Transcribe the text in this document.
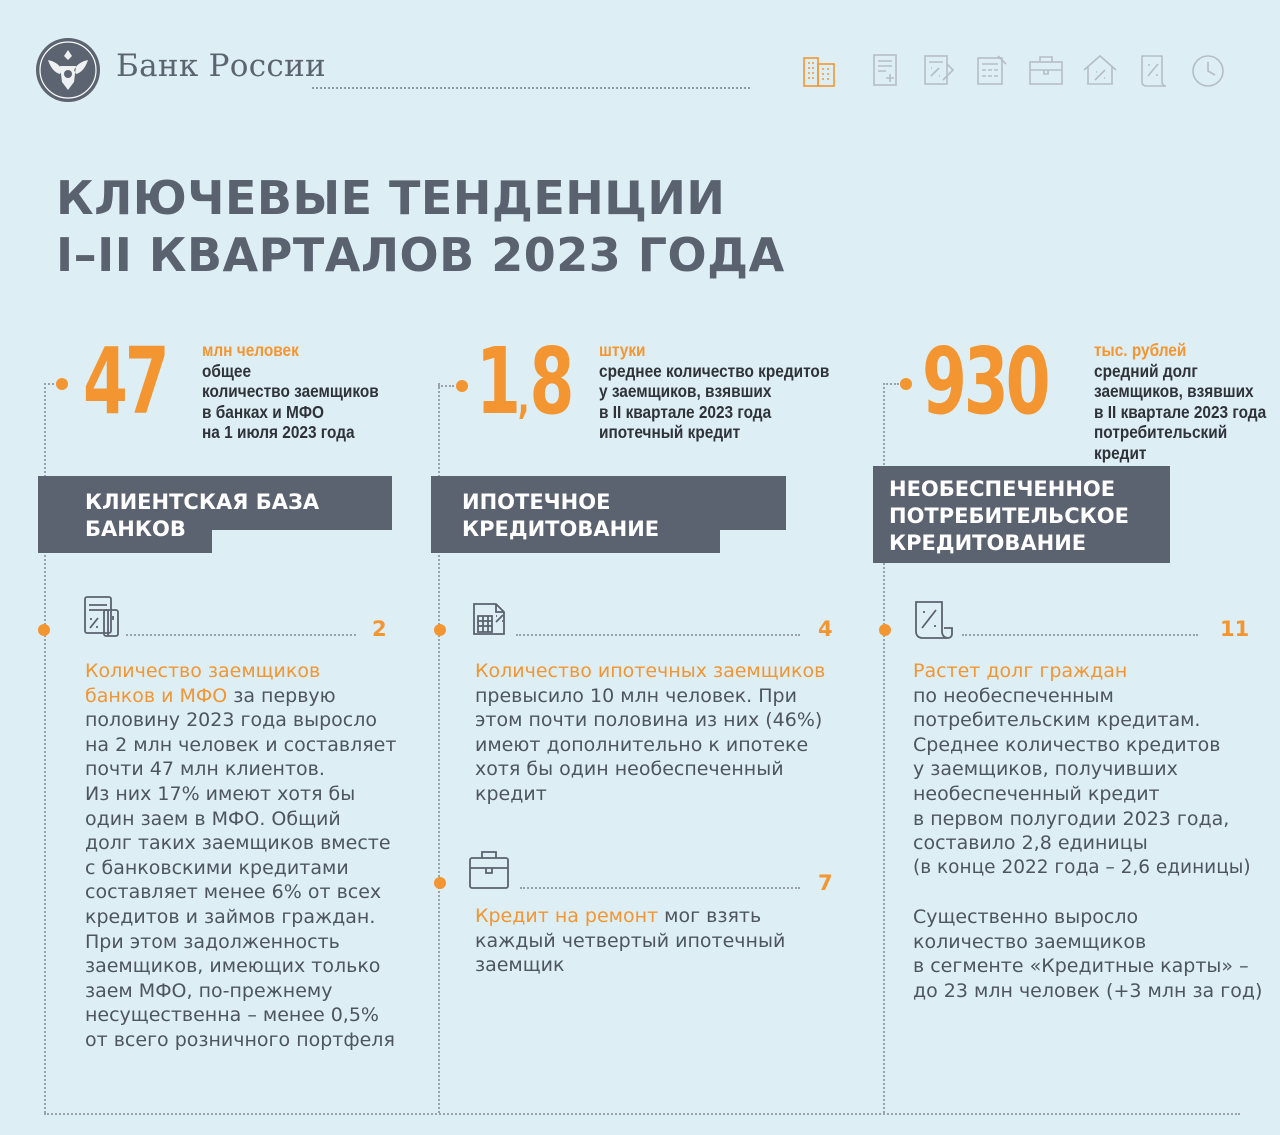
Банк России
КЛЮЧЕВЫЕ ТЕНДЕНЦИИ
I–II КВАРТАЛОВ 2023 ГОДА
47 млн человек
общее
количество заемщиков
в банках и МФО
на 1 июля 2023 года
КЛИЕНТСКАЯ БАЗА
БАНКОВ
2
Количество заемщиков
банков и МФО за первую
половину 2023 года выросло
на 2 млн человек и составляет
почти 47 млн клиентов.
Из них 17% имеют хотя бы
один заем в МФО. Общий
долг таких заемщиков вместе
с банковскими кредитами
составляет менее 6% от всех
кредитов и займов граждан.
При этом задолженность
заемщиков, имеющих только
заем МФО, по-прежнему
несущественна – менее 0,5%
от всего розничного портфеля
1,8 штуки
среднее количество кредитов
у заемщиков, взявших
в II квартале 2023 года
ипотечный кредит
ИПОТЕЧНОЕ
КРЕДИТОВАНИЕ
4
Количество ипотечных заемщиков
превысило 10 млн человек. При
этом почти половина из них (46%)
имеют дополнительно к ипотеке
хотя бы один необеспеченный
кредит
7
Кредит на ремонт мог взять
каждый четвертый ипотечный
заемщик
930	тыс. рублей
средний долг
заемщиков, взявших
в II квартале 2023 года
потребительский
кредит
НЕОБЕСПЕЧЕННОЕ
ПОТРЕБИТЕЛЬСКОЕ
КРЕДИТОВАНИЕ
11
Растет долг граждан
по необеспеченным
потребительским кредитам.
Среднее количество кредитов
у заемщиков, получивших
необеспеченный кредит
в первом полугодии 2023 года,
составило 2,8 единицы
(в конце 2022 года – 2,6 единицы)
Существенно выросло
количество заемщиков
в сегменте «Кредитные карты» –
до 23 млн человек (+3 млн за год)
